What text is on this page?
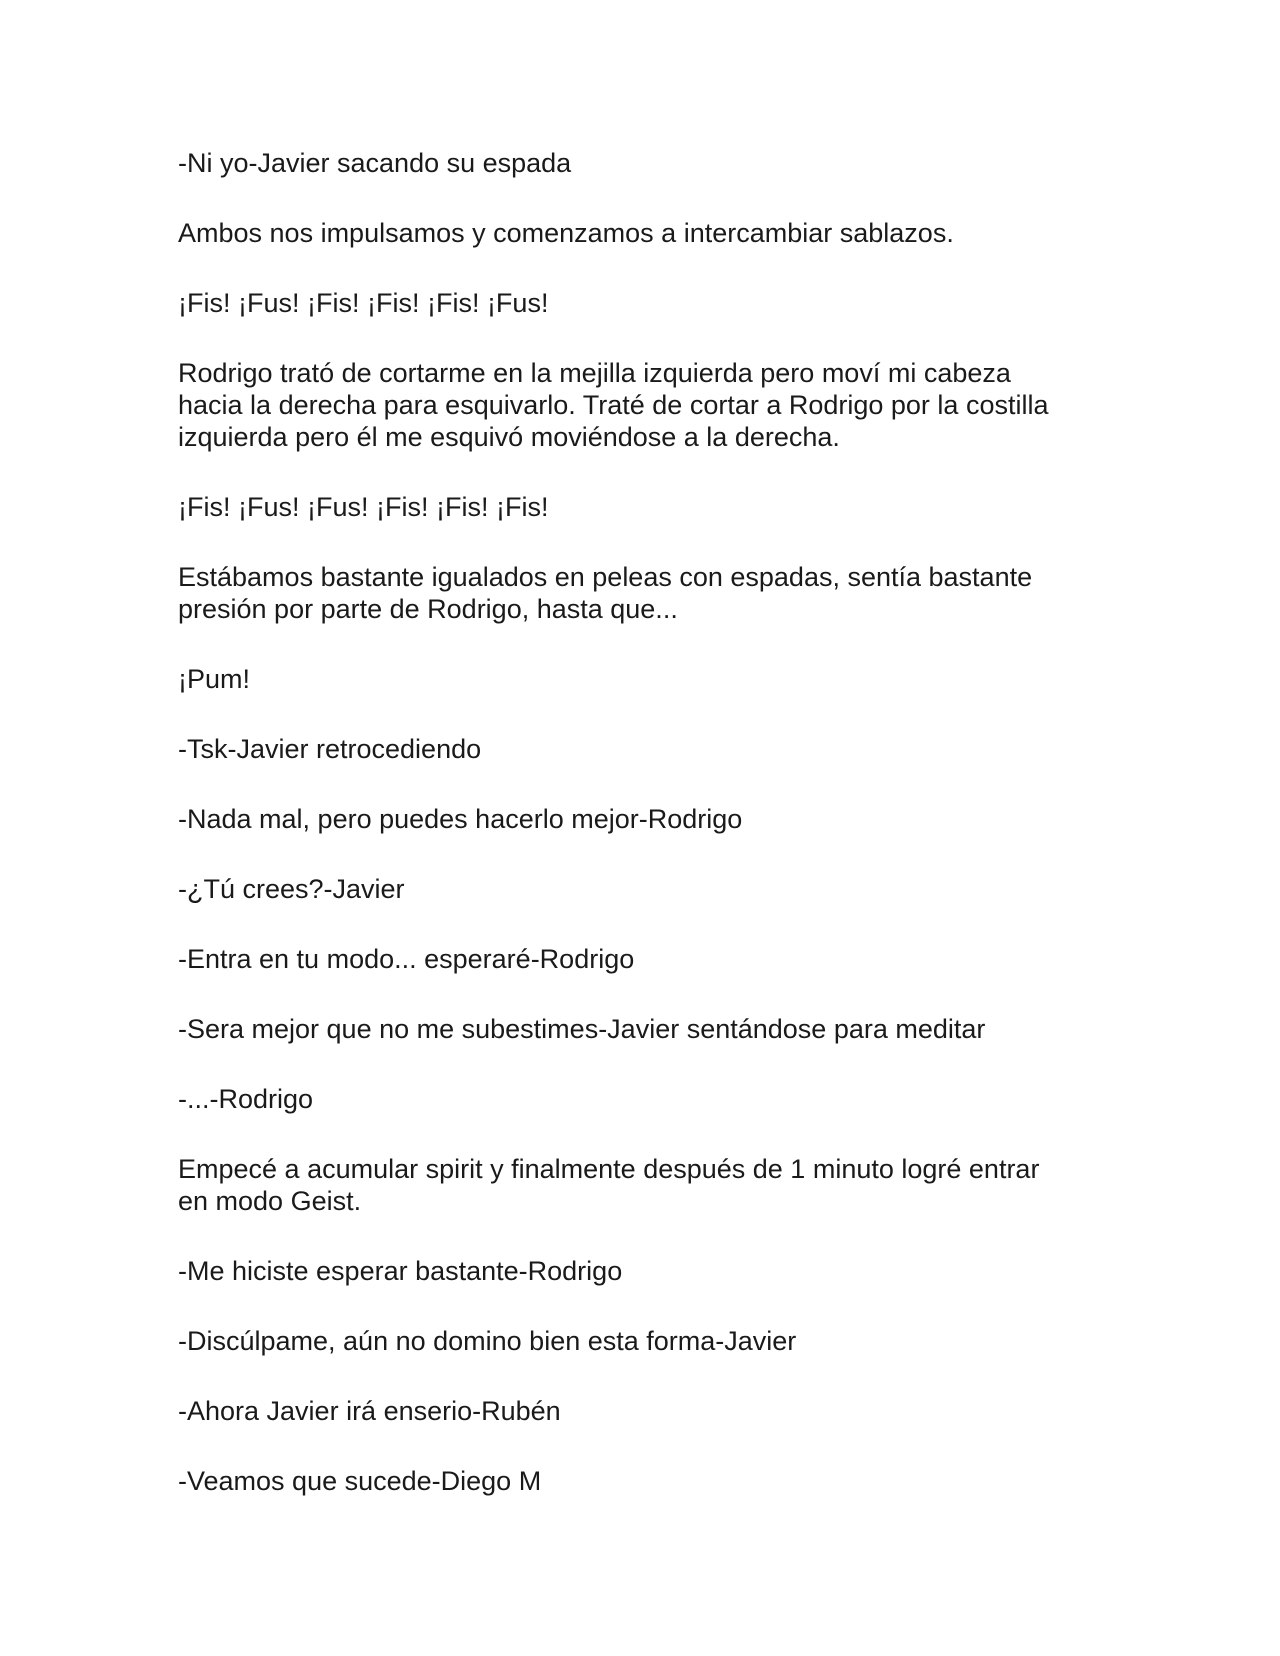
-Ni yo-Javier sacando su espada

Ambos nos impulsamos y comenzamos a intercambiar sablazos.

¡Fis! ¡Fus! ¡Fis! ¡Fis! ¡Fis! ¡Fus!

Rodrigo trató de cortarme en la mejilla izquierda pero moví mi cabeza
hacia la derecha para esquivarlo. Traté de cortar a Rodrigo por la costilla
izquierda pero él me esquivó moviéndose a la derecha.

¡Fis! ¡Fus! ¡Fus! ¡Fis! ¡Fis! ¡Fis!

Estábamos bastante igualados en peleas con espadas, sentía bastante
presión por parte de Rodrigo, hasta que...

¡Pum!

-Tsk-Javier retrocediendo

-Nada mal, pero puedes hacerlo mejor-Rodrigo

-¿Tú crees?-Javier

-Entra en tu modo... esperaré-Rodrigo

-Sera mejor que no me subestimes-Javier sentándose para meditar

-...-Rodrigo

Empecé a acumular spirit y finalmente después de 1 minuto logré entrar
en modo Geist.

-Me hiciste esperar bastante-Rodrigo

-Discúlpame, aún no domino bien esta forma-Javier

-Ahora Javier irá enserio-Rubén

-Veamos que sucede-Diego M
